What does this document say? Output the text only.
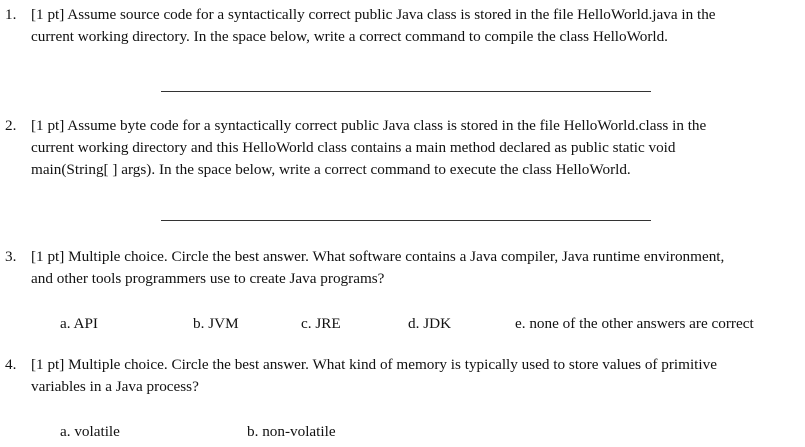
1. [1 pt] Assume source code for a syntactically correct public Java class is stored in the file HelloWorld.java in the
current working directory. In the space below, write a correct command to compile the class HelloWorld.
2. [1 pt] Assume byte code for a syntactically correct public Java class is stored in the file HelloWorld.class in the
current working directory and this HelloWorld class contains a main method declared as public static void
main(String[ ] args). In the space below, write a correct command to execute the class HelloWorld.
3. [1 pt] Multiple choice. Circle the best answer. What software contains a Java compiler, Java runtime environment,
and other tools programmers use to create Java programs?
a. API	b. JVM	c. JRE	d. JDK	e. none of the other answers are correct
4. [1 pt] Multiple choice. Circle the best answer. What kind of memory is typically used to store values of primitive
variables in a Java process?
a. volatile	b. non-volatile
